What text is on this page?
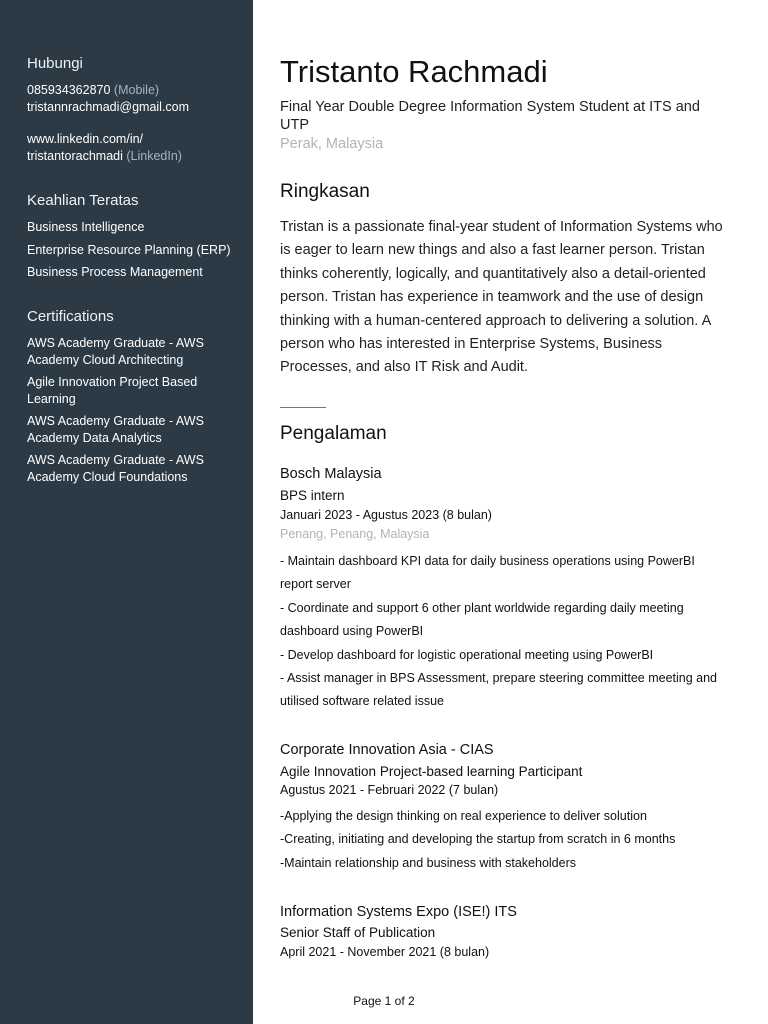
Hubungi
085934362870 (Mobile)
tristannrachmadi@gmail.com
www.linkedin.com/in/
tristantorachmadi (LinkedIn)
Keahlian Teratas
Business Intelligence
Enterprise Resource Planning (ERP)
Business Process Management
Certifications
AWS Academy Graduate - AWS Academy Cloud Architecting
Agile Innovation Project Based Learning
AWS Academy Graduate - AWS Academy Data Analytics
AWS Academy Graduate - AWS Academy Cloud Foundations
Tristanto Rachmadi
Final Year Double Degree Information System Student at ITS and UTP
Perak, Malaysia
Ringkasan
Tristan is a passionate final-year student of Information Systems who is eager to learn new things and also a fast learner person. Tristan thinks coherently, logically, and quantitatively also a detail-oriented person. Tristan has experience in teamwork and the use of design thinking with a human-centered approach to delivering a solution. A person who has interested in Enterprise Systems, Business Processes, and also IT Risk and Audit.
Pengalaman
Bosch Malaysia
BPS intern
Januari 2023 - Agustus 2023 (8 bulan)
Penang, Penang, Malaysia
- Maintain dashboard KPI data for daily business operations using PowerBI report server
- Coordinate and support 6 other plant worldwide regarding daily meeting dashboard using PowerBI
- Develop dashboard for logistic operational meeting using PowerBI
- Assist manager in BPS Assessment, prepare steering committee meeting and utilised software related issue
Corporate Innovation Asia - CIAS
Agile Innovation Project-based learning Participant
Agustus 2021 - Februari 2022 (7 bulan)
-Applying the design thinking on real experience to deliver solution
-Creating, initiating and developing the startup from scratch in 6 months
-Maintain relationship and business with stakeholders
Information Systems Expo (ISE!) ITS
Senior Staff of Publication
April 2021 - November 2021 (8 bulan)
Page 1 of 2
